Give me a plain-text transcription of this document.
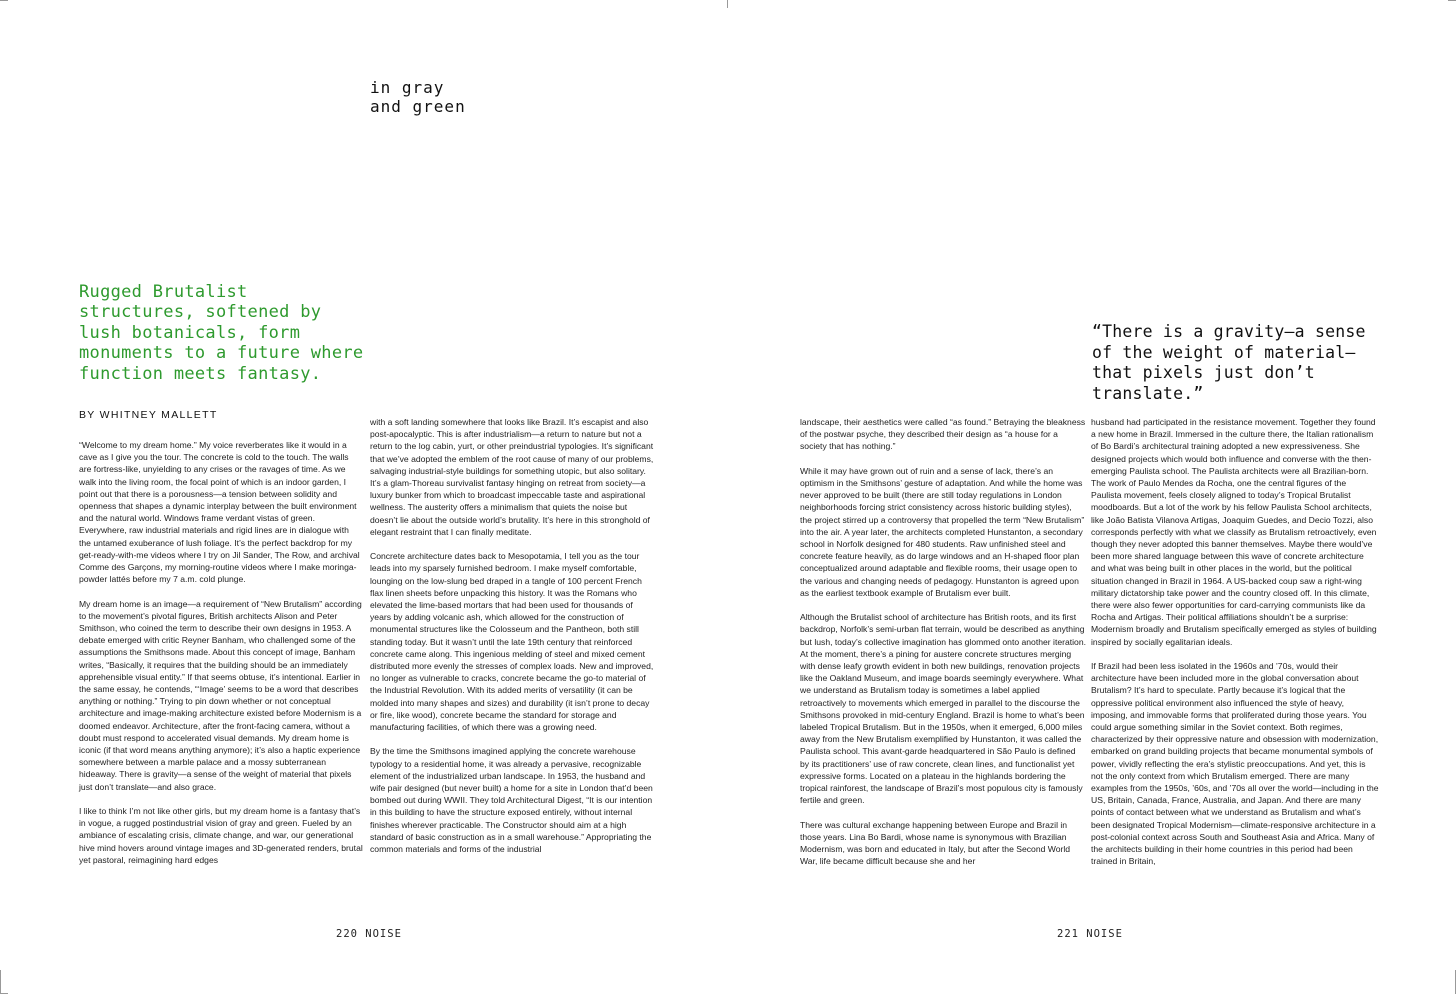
in gray
and green
Rugged Brutalist structures, softened by lush botanicals, form monuments to a future where function meets fantasy.
BY WHITNEY MALLETT

“Welcome to my dream home.” My voice reverberates like it would in a cave as I give you the tour. The concrete is cold to the touch. The walls are fortress-like, unyielding to any crises or the ravages of time. As we walk into the living room, the focal point of which is an indoor garden, I point out that there is a porousness—a tension between solidity and openness that shapes a dynamic interplay between the built environment and the natural world. Windows frame verdant vistas of green. Everywhere, raw industrial materials and rigid lines are in dialogue with the untamed exuberance of lush foliage. It’s the perfect backdrop for my get-ready-with-me videos where I try on Jil Sander, The Row, and archival Comme des Garçons, my morning-routine videos where I make moringa-powder lattés before my 7 a.m. cold plunge.

My dream home is an image—a requirement of “New Brutalism” according to the movement’s pivotal figures, British architects Alison and Peter Smithson, who coined the term to describe their own designs in 1953. A debate emerged with critic Reyner Banham, who challenged some of the assumptions the Smithsons made. About this concept of image, Banham writes, “Basically, it requires that the building should be an immediately apprehensible visual entity.” If that seems obtuse, it’s intentional. Earlier in the same essay, he contends, “‘Image’ seems to be a word that describes anything or nothing.” Trying to pin down whether or not conceptual architecture and image-making architecture existed before Modernism is a doomed endeavor. Architecture, after the front-facing camera, without a doubt must respond to accelerated visual demands. My dream home is iconic (if that word means anything anymore); it’s also a haptic experience somewhere between a marble palace and a mossy subterranean hideaway. There is gravity—a sense of the weight of material that pixels just don’t translate—and also grace.

I like to think I’m not like other girls, but my dream home is a fantasy that’s in vogue, a rugged postindustrial vision of gray and green. Fueled by an ambiance of escalating crisis, climate change, and war, our generational hive mind hovers around vintage images and 3D-generated renders, brutal yet pastoral, reimagining hard edges

with a soft landing somewhere that looks like Brazil. It’s escapist and also post-apocalyptic. This is after industrialism—a return to nature but not a return to the log cabin, yurt, or other preindustrial typologies. It’s significant that we’ve adopted the emblem of the root cause of many of our problems, salvaging industrial-style buildings for something utopic, but also solitary. It’s a glam-Thoreau survivalist fantasy hinging on retreat from society—a luxury bunker from which to broadcast impeccable taste and aspirational wellness. The austerity offers a minimalism that quiets the noise but doesn’t lie about the outside world’s brutality. It’s here in this stronghold of elegant restraint that I can finally meditate.

Concrete architecture dates back to Mesopotamia, I tell you as the tour leads into my sparsely furnished bedroom. I make myself comfortable, lounging on the low-slung bed draped in a tangle of 100 percent French flax linen sheets before unpacking this history. It was the Romans who elevated the lime-based mortars that had been used for thousands of years by adding volcanic ash, which allowed for the construction of monumental structures like the Colosseum and the Pantheon, both still standing today. But it wasn’t until the late 19th century that reinforced concrete came along. This ingenious melding of steel and mixed cement distributed more evenly the stresses of complex loads. New and improved, no longer as vulnerable to cracks, concrete became the go-to material of the Industrial Revolution. With its added merits of versatility (it can be molded into many shapes and sizes) and durability (it isn’t prone to decay or fire, like wood), concrete became the standard for storage and manufacturing facilities, of which there was a growing need.

By the time the Smithsons imagined applying the concrete warehouse typology to a residential home, it was already a pervasive, recognizable element of the industrialized urban landscape. In 1953, the husband and wife pair designed (but never built) a home for a site in London that’d been bombed out during WWII. They told Architectural Digest, “It is our intention in this building to have the structure exposed entirely, without internal finishes wherever practicable. The Constructor should aim at a high standard of basic construction as in a small warehouse.” Appropriating the common materials and forms of the industrial

220 NOISE

landscape, their aesthetics were called “as found.” Betraying the bleakness of the postwar psyche, they described their design as “a house for a society that has nothing.”

While it may have grown out of ruin and a sense of lack, there’s an optimism in the Smithsons’ gesture of adaptation. And while the home was never approved to be built (there are still today regulations in London neighborhoods forcing strict consistency across historic building styles), the project stirred up a controversy that propelled the term “New Brutalism” into the air. A year later, the architects completed Hunstanton, a secondary school in Norfolk designed for 480 students. Raw unfinished steel and concrete feature heavily, as do large windows and an H-shaped floor plan conceptualized around adaptable and flexible rooms, their usage open to the various and changing needs of pedagogy. Hunstanton is agreed upon as the earliest textbook example of Brutalism ever built.

Although the Brutalist school of architecture has British roots, and its first backdrop, Norfolk’s semi-urban flat terrain, would be described as anything but lush, today’s collective imagination has glommed onto another iteration. At the moment, there’s a pining for austere concrete structures merging with dense leafy growth evident in both new buildings, renovation projects like the Oakland Museum, and image boards seemingly everywhere. What we understand as Brutalism today is sometimes a label applied retroactively to movements which emerged in parallel to the discourse the Smithsons provoked in mid-century England. Brazil is home to what’s been labeled Tropical Brutalism. But in the 1950s, when it emerged, 6,000 miles away from the New Brutalism exemplified by Hunstanton, it was called the Paulista school. This avant-garde headquartered in São Paulo is defined by its practitioners’ use of raw concrete, clean lines, and functionalist yet expressive forms. Located on a plateau in the highlands bordering the tropical rainforest, the landscape of Brazil’s most populous city is famously fertile and green.

There was cultural exchange happening between Europe and Brazil in those years. Lina Bo Bardi, whose name is synonymous with Brazilian Modernism, was born and educated in Italy, but after the Second World War, life became difficult because she and her

husband had participated in the resistance movement. Together they found a new home in Brazil. Immersed in the culture there, the Italian rationalism of Bo Bardi’s architectural training adopted a new expressiveness. She designed projects which would both influence and converse with the then-emerging Paulista school. The Paulista architects were all Brazilian-born. The work of Paulo Mendes da Rocha, one the central figures of the Paulista movement, feels closely aligned to today’s Tropical Brutalist moodboards. But a lot of the work by his fellow Paulista School architects, like João Batista Vilanova Artigas, Joaquim Guedes, and Decio Tozzi, also corresponds perfectly with what we classify as Brutalism retroactively, even though they never adopted this banner themselves. Maybe there would’ve been more shared language between this wave of concrete architecture and what was being built in other places in the world, but the political situation changed in Brazil in 1964. A US-backed coup saw a right-wing military dictatorship take power and the country closed off. In this climate, there were also fewer opportunities for card-carrying communists like da Rocha and Artigas. Their political affiliations shouldn’t be a surprise: Modernism broadly and Brutalism specifically emerged as styles of building inspired by socially egalitarian ideals.

If Brazil had been less isolated in the 1960s and ’70s, would their architecture have been included more in the global conversation about Brutalism? It’s hard to speculate. Partly because it’s logical that the oppressive political environment also influenced the style of heavy, imposing, and immovable forms that proliferated during those years. You could argue something similar in the Soviet context. Both regimes, characterized by their oppressive nature and obsession with modernization, embarked on grand building projects that became monumental symbols of power, vividly reflecting the era’s stylistic preoccupations. And yet, this is not the only context from which Brutalism emerged. There are many examples from the 1950s, ’60s, and ’70s all over the world—including in the US, Britain, Canada, France, Australia, and Japan. And there are many points of contact between what we understand as Brutalism and what’s been designated Tropical Modernism—climate-responsive architecture in a post-colonial context across South and Southeast Asia and Africa. Many of the architects building in their home countries in this period had been trained in Britain,

221 NOISE
“There is a gravity—a sense of the weight of material—that pixels just don’t translate.”
